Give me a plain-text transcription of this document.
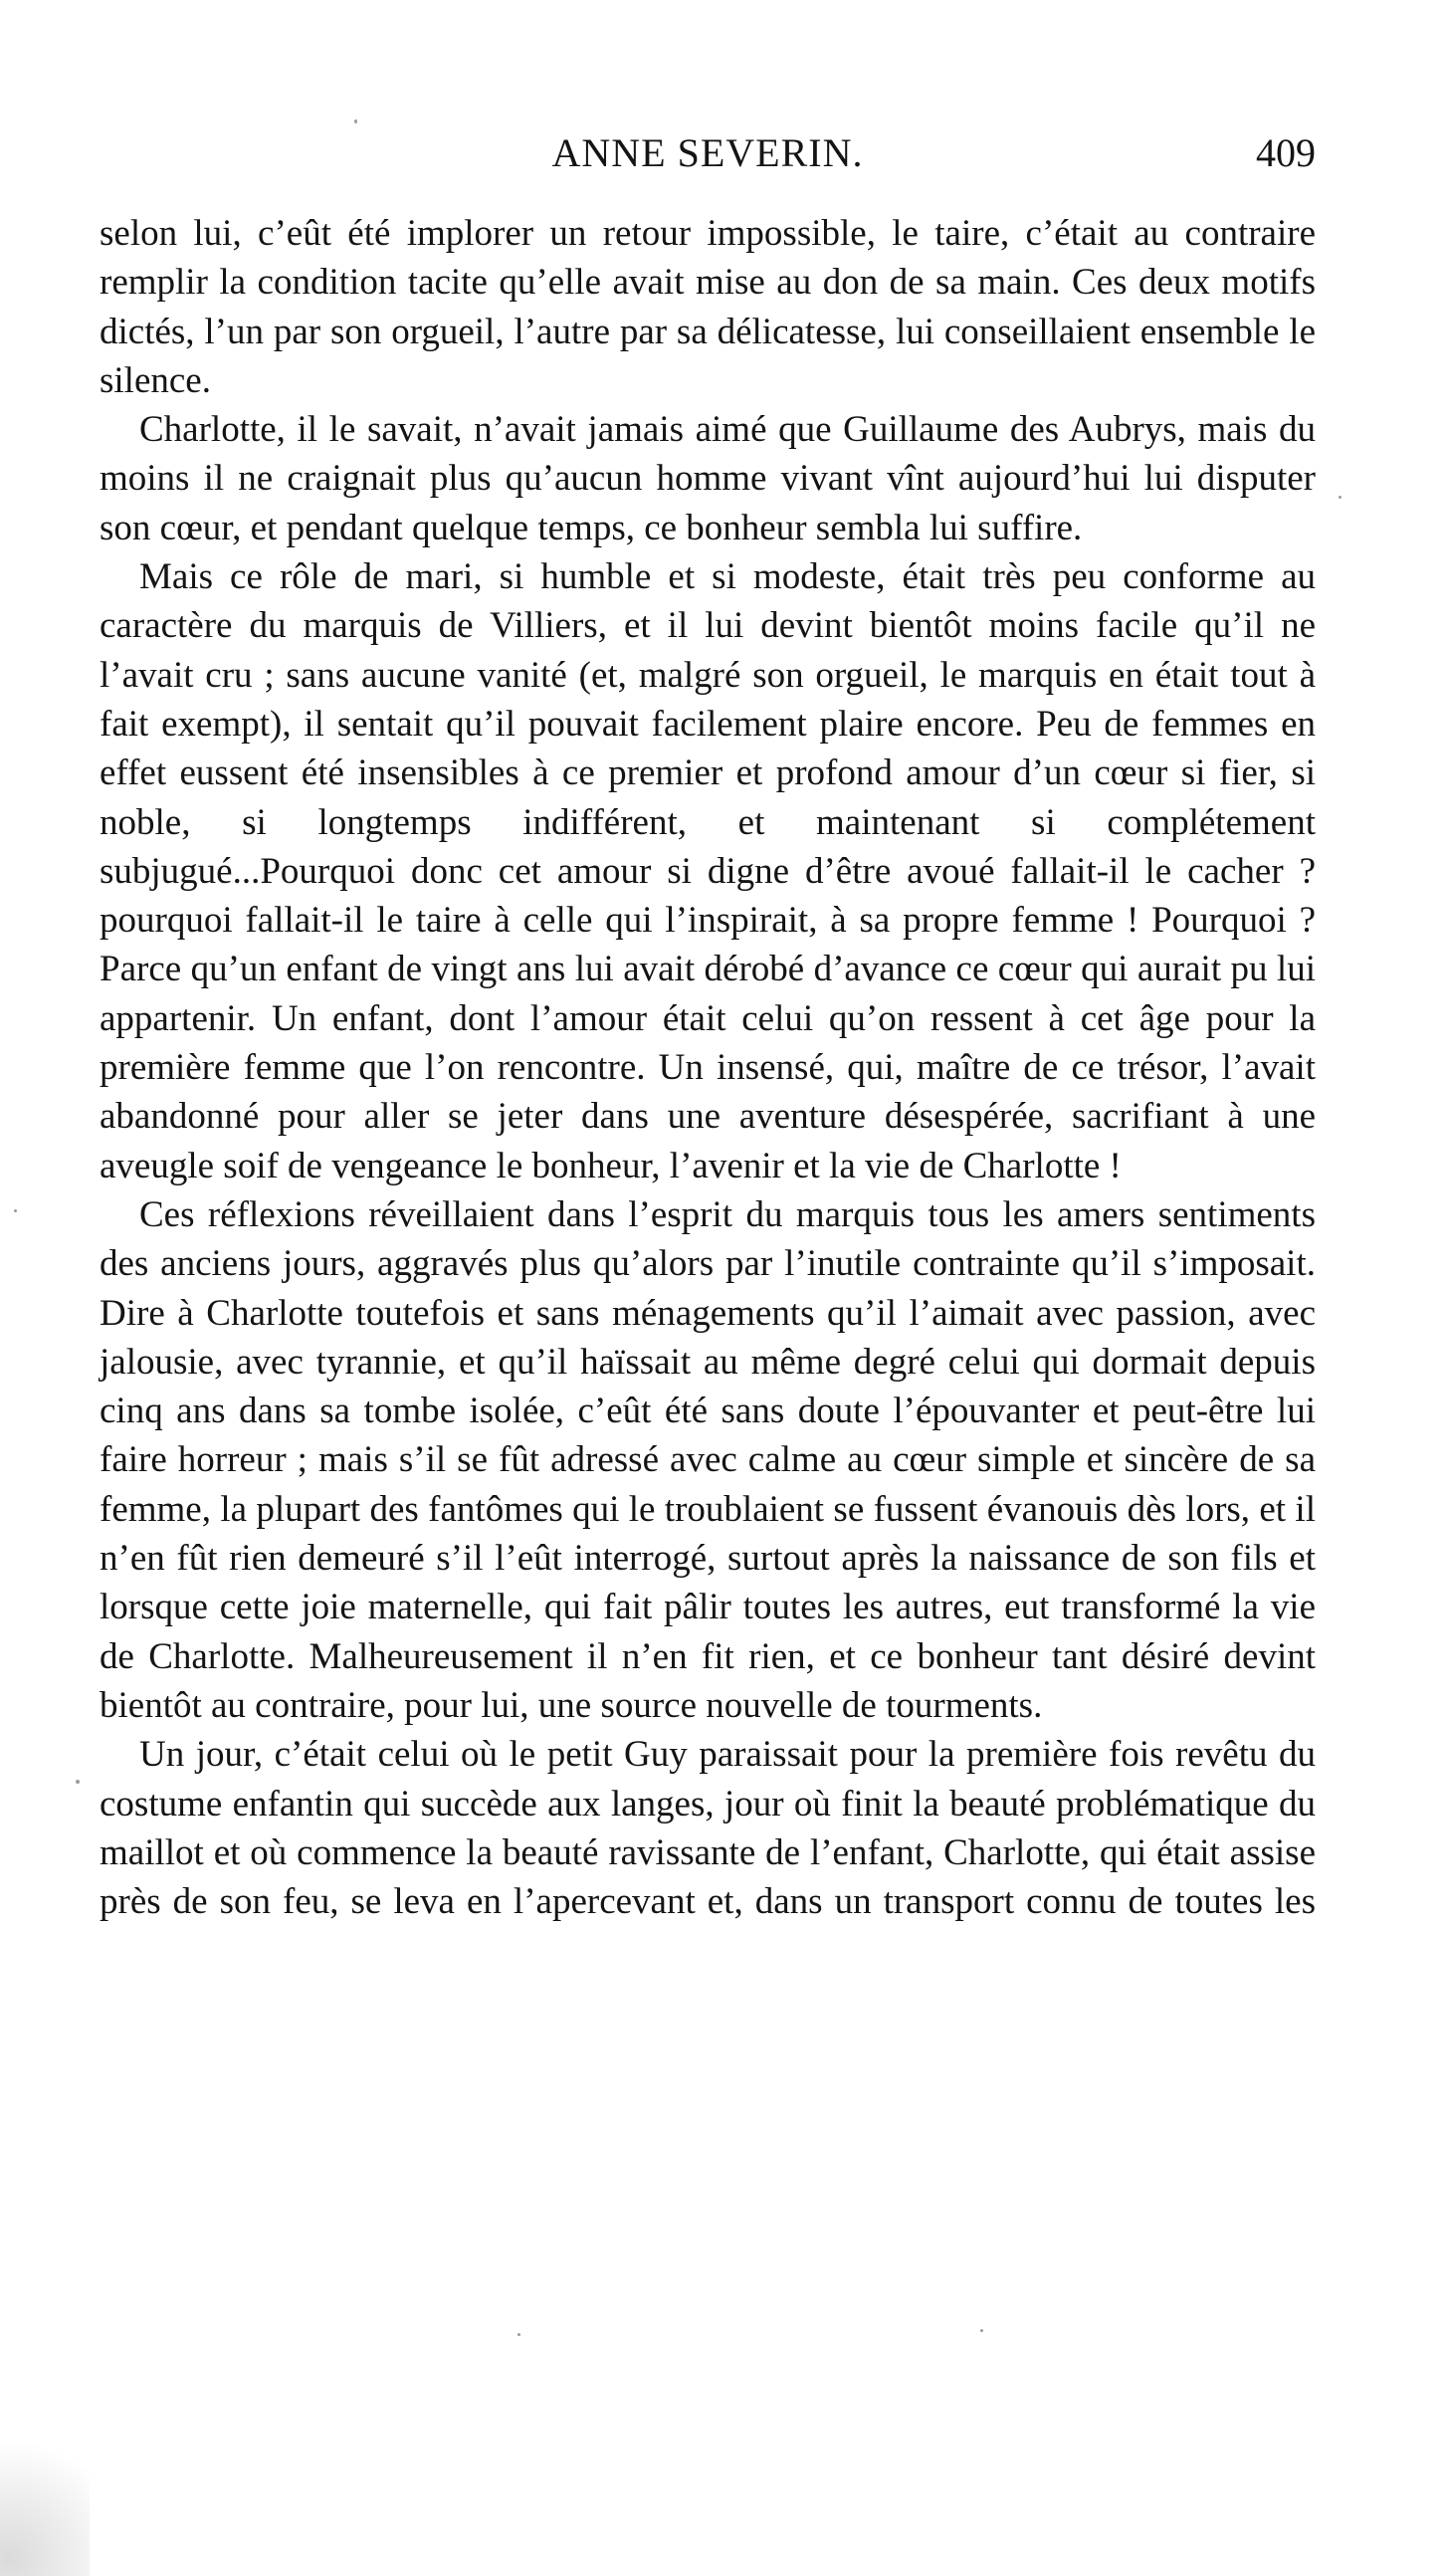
ANNE SEVERIN.	409

selon lui, c’eût été implorer un retour impossible, le taire, c’était au contraire remplir la condition tacite qu’elle avait mise au don de sa main. Ces deux motifs dictés, l’un par son orgueil, l’autre par sa délicatesse, lui conseillaient ensemble le silence.

Charlotte, il le savait, n’avait jamais aimé que Guillaume des Aubrys, mais du moins il ne craignait plus qu’aucun homme vivant vînt aujourd’hui lui disputer son cœur, et pendant quelque temps, ce bonheur sembla lui suffire.

Mais ce rôle de mari, si humble et si modeste, était très peu conforme au caractère du marquis de Villiers, et il lui devint bientôt moins facile qu’il ne l’avait cru ; sans aucune vanité (et, malgré son orgueil, le marquis en était tout à fait exempt), il sentait qu’il pouvait facilement plaire encore. Peu de femmes en effet eussent été insensibles à ce premier et profond amour d’un cœur si fier, si noble, si longtemps indifférent, et maintenant si complétement subjugué...Pourquoi donc cet amour si digne d’être avoué fallait-il le cacher ? pourquoi fallait-il le taire à celle qui l’inspirait, à sa propre femme ! Pourquoi ? Parce qu’un enfant de vingt ans lui avait dérobé d’avance ce cœur qui aurait pu lui appartenir. Un enfant, dont l’amour était celui qu’on ressent à cet âge pour la première femme que l’on rencontre. Un insensé, qui, maître de ce trésor, l’avait abandonné pour aller se jeter dans une aventure désespérée, sacrifiant à une aveugle soif de vengeance le bonheur, l’avenir et la vie de Charlotte !

Ces réflexions réveillaient dans l’esprit du marquis tous les amers sentiments des anciens jours, aggravés plus qu’alors par l’inutile contrainte qu’il s’imposait. Dire à Charlotte toutefois et sans ménagements qu’il l’aimait avec passion, avec jalousie, avec tyrannie, et qu’il haïssait au même degré celui qui dormait depuis cinq ans dans sa tombe isolée, c’eût été sans doute l’épouvanter et peut-être lui faire horreur ; mais s’il se fût adressé avec calme au cœur simple et sincère de sa femme, la plupart des fantômes qui le troublaient se fussent évanouis dès lors, et il n’en fût rien demeuré s’il l’eût interrogé, surtout après la naissance de son fils et lorsque cette joie maternelle, qui fait pâlir toutes les autres, eut transformé la vie de Charlotte. Malheureusement il n’en fit rien, et ce bonheur tant désiré devint bientôt au contraire, pour lui, une source nouvelle de tourments.

Un jour, c’était celui où le petit Guy paraissait pour la première fois revêtu du costume enfantin qui succède aux langes, jour où finit la beauté problématique du maillot et où commence la beauté ravissante de l’enfant, Charlotte, qui était assise près de son feu, se leva en l’apercevant et, dans un transport connu de toutes les
